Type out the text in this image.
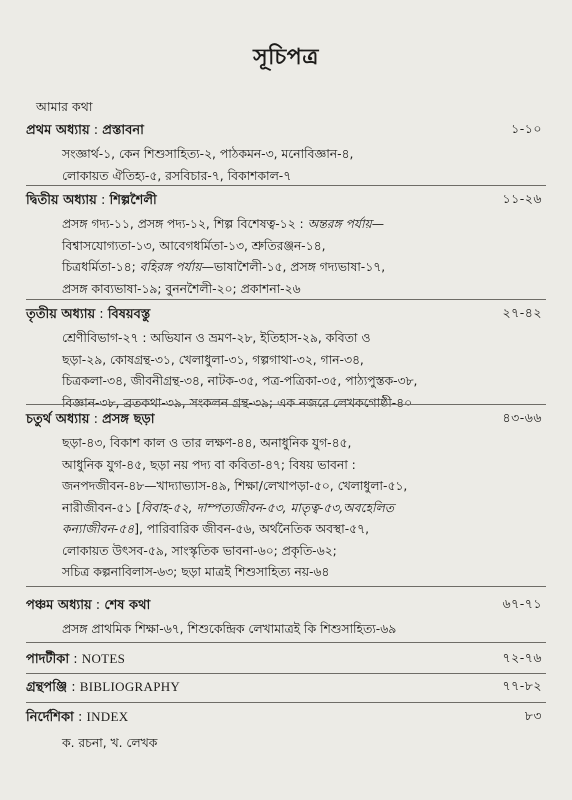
সূচিপত্র
আমার কথা
প্রথম অধ্যায় : প্রস্তাবনা	১-১০
সংজ্ঞার্থ-১, কেন শিশুসাহিত্য-২, পাঠকমন-৩, মনোবিজ্ঞান-৪,
লোকায়ত ঐতিহ্য-৫, রসবিচার-৭, বিকাশকাল-৭
দ্বিতীয় অধ্যায় : শিল্পশৈলী	১১-২৬
প্রসঙ্গ গদ্য-১১, প্রসঙ্গ পদ্য-১২, শিল্প বিশেষত্ব-১২ : অন্তরঙ্গ পর্যায়—
বিশ্বাসযোগ্যতা-১৩, আবেগধর্মিতা-১৩, শ্রুতিরঞ্জন-১৪,
চিত্রধর্মিতা-১৪; বহিরঙ্গ পর্যায়—ভাষাশৈলী-১৫, প্রসঙ্গ গদ্যভাষা-১৭,
প্রসঙ্গ কাব্যভাষা-১৯; বুননশৈলী-২০; প্রকাশনা-২৬
তৃতীয় অধ্যায় : বিষয়বস্তু	২৭-৪২
শ্রেণীবিভাগ-২৭ : অভিযান ও ভ্রমণ-২৮, ইতিহাস-২৯, কবিতা ও
ছড়া-২৯, কোষগ্রন্থ-৩১, খেলাধুলা-৩১, গল্পগাথা-৩২, গান-৩৪,
চিত্রকলা-৩৪, জীবনীগ্রন্থ-৩৪, নাটক-৩৫, পত্র-পত্রিকা-৩৫, পাঠ্যপুস্তক-৩৮,
বিজ্ঞান-৩৮, ব্রতকথা-৩৯, সংকলন গ্রন্থ-৩৯; এক নজরে লেখকগোষ্ঠী-৪০
চতুর্থ অধ্যায় : প্রসঙ্গ ছড়া	৪৩-৬৬
ছড়া-৪৩, বিকাশ কাল ও তার লক্ষণ-৪৪, অনাধুনিক যুগ-৪৫,
আধুনিক যুগ-৪৫, ছড়া নয় পদ্য বা কবিতা-৪৭; বিষয় ভাবনা :
জনপদজীবন-৪৮—খাদ্যাভ্যাস-৪৯, শিক্ষা/লেখাপড়া-৫০, খেলাধুলা-৫১,
নারীজীবন-৫১ [বিবাহ-৫২, দাম্পত্যজীবন-৫৩, মাতৃত্ব-৫৩,অবহেলিত
কন্যাজীবন-৫৪], পারিবারিক জীবন-৫৬, অর্থনৈতিক অবস্থা-৫৭,
লোকায়ত উৎসব-৫৯, সাংস্কৃতিক ভাবনা-৬০; প্রকৃতি-৬২;
সচিত্র কল্পনাবিলাস-৬৩; ছড়া মাত্রই শিশুসাহিত্য নয়-৬৪
পঞ্চম অধ্যায় : শেষ কথা	৬৭-৭১
প্রসঙ্গ প্রাথমিক শিক্ষা-৬৭, শিশুকেন্দ্রিক লেখামাত্রই কি শিশুসাহিত্য-৬৯
পাদটীকা : NOTES	৭২-৭৬
গ্রন্থপঞ্জি : BIBLIOGRAPHY	৭৭-৮২
নির্দেশিকা : INDEX	৮৩
ক. রচনা, খ. লেখক
